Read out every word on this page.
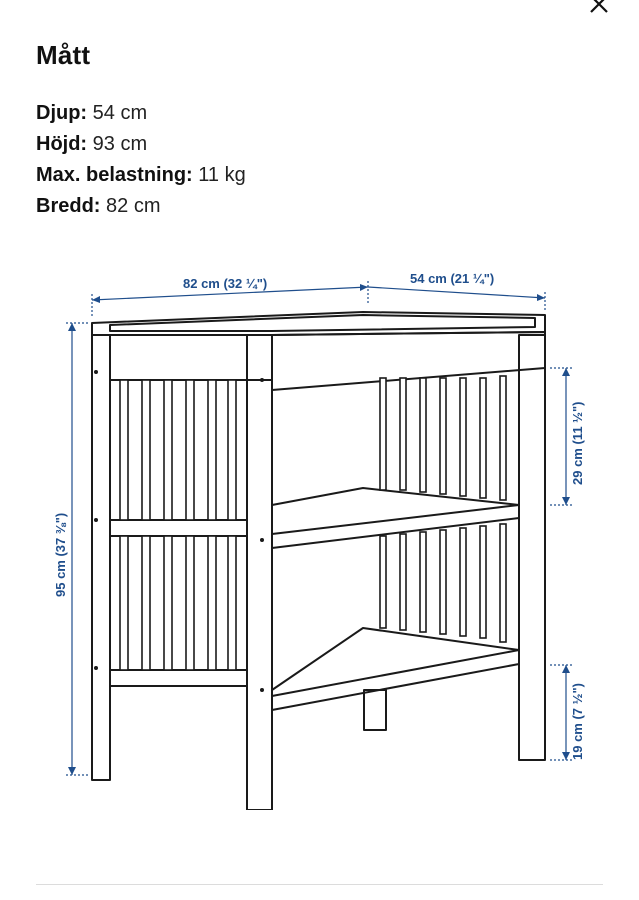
Mått
Djup: 54 cm
Höjd: 93 cm
Max. belastning: 11 kg
Bredd: 82 cm
82 cm (32 ¼")	54 cm (21 ¼")
95 cm (37 ⅜")
29 cm (11 ½")
19 cm (7 ½")
